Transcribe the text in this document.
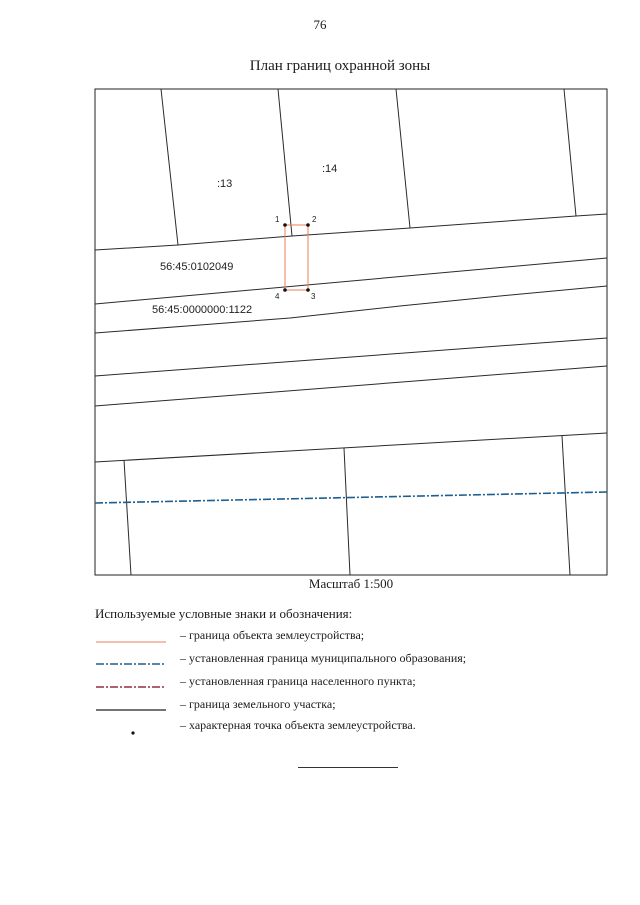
76
План границ охранной зоны
1	2
3
4
:13
:14
56:45:0102049
56:45:0000000:1122
Масштаб 1:500
Используемые условные знаки и обозначения:
– граница объекта землеустройства;
– установленная граница муниципального образования;
– установленная граница населенного пункта;
– граница земельного участка;
– характерная точка объекта землеустройства.
